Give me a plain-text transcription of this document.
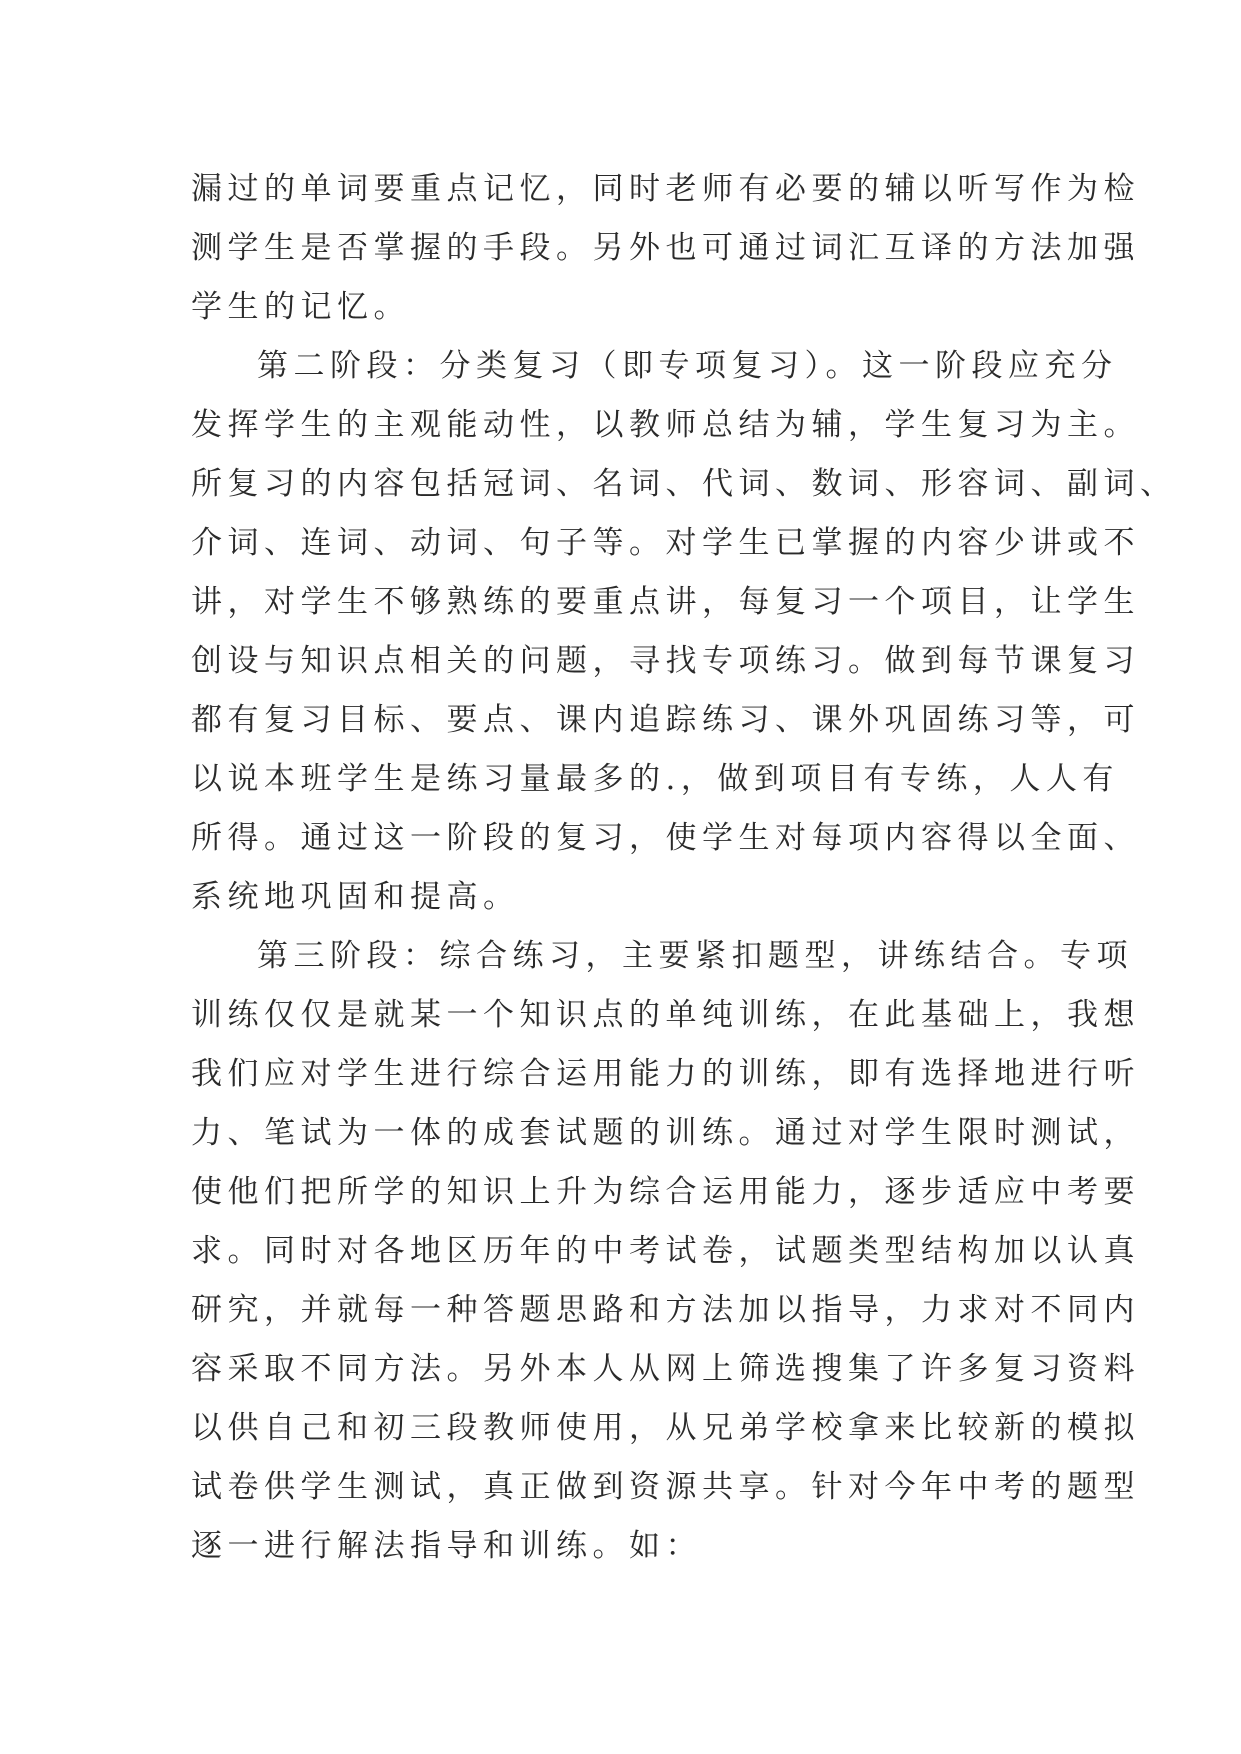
漏过的单词要重点记忆，同时老师有必要的辅以听写作为检
测学生是否掌握的手段。另外也可通过词汇互译的方法加强
学生的记忆。
第二阶段：分类复习（即专项复习）。这一阶段应充分
发挥学生的主观能动性，以教师总结为辅，学生复习为主。
所复习的内容包括冠词、名词、代词、数词、形容词、副词、
介词、连词、动词、句子等。对学生已掌握的内容少讲或不
讲，对学生不够熟练的要重点讲，每复习一个项目，让学生
创设与知识点相关的问题，寻找专项练习。做到每节课复习
都有复习目标、要点、课内追踪练习、课外巩固练习等，可
以说本班学生是练习量最多的.，做到项目有专练，人人有
所得。通过这一阶段的复习，使学生对每项内容得以全面、
系统地巩固和提高。
第三阶段：综合练习，主要紧扣题型，讲练结合。专项
训练仅仅是就某一个知识点的单纯训练，在此基础上，我想
我们应对学生进行综合运用能力的训练，即有选择地进行听
力、笔试为一体的成套试题的训练。通过对学生限时测试，
使他们把所学的知识上升为综合运用能力，逐步适应中考要
求。同时对各地区历年的中考试卷，试题类型结构加以认真
研究，并就每一种答题思路和方法加以指导，力求对不同内
容采取不同方法。另外本人从网上筛选搜集了许多复习资料
以供自己和初三段教师使用，从兄弟学校拿来比较新的模拟
试卷供学生测试，真正做到资源共享。针对今年中考的题型
逐一进行解法指导和训练。如：
